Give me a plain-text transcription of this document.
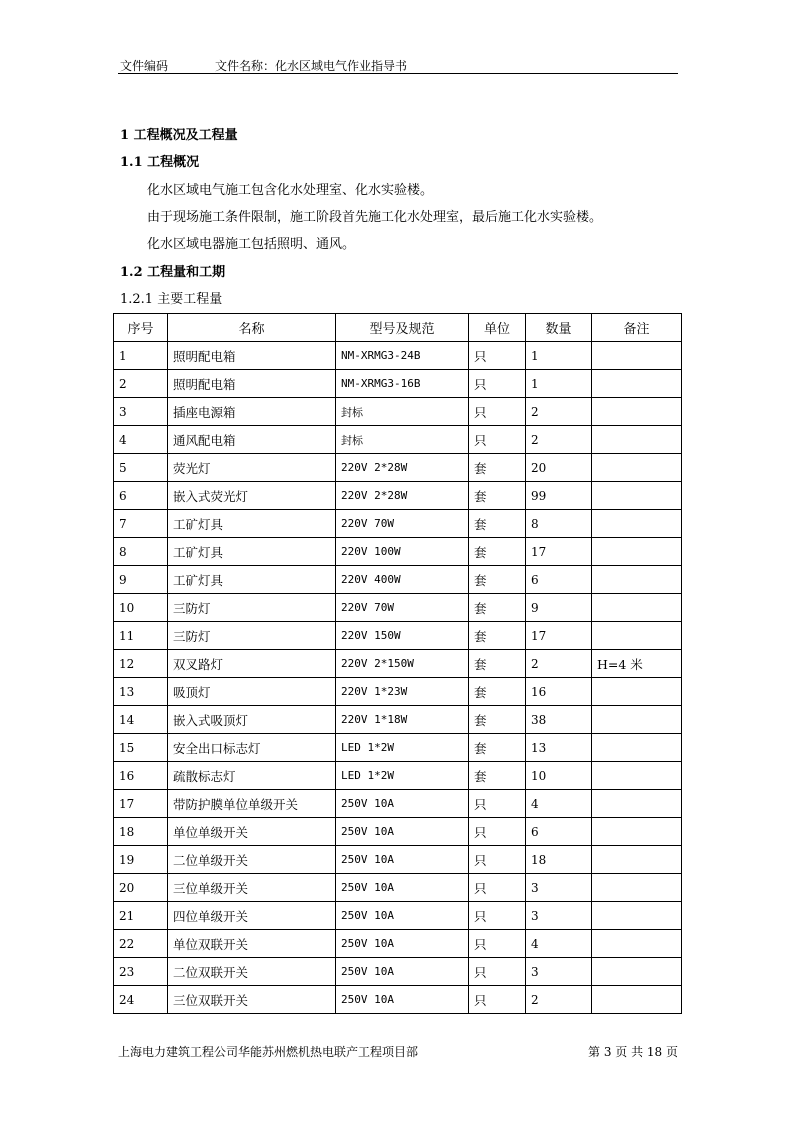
文件编码	文件名称：化水区域电气作业指导书
1 工程概况及工程量
1.1 工程概况
化水区域电气施工包含化水处理室、化水实验楼。
由于现场施工条件限制，施工阶段首先施工化水处理室，最后施工化水实验楼。
化水区域电器施工包括照明、通风。
1.2 工程量和工期
1.2.1 主要工程量
序号	名称	型号及规范	单位	数量	备注
1	照明配电箱	NM-XRMG3-24B	只	1	
2	照明配电箱	NM-XRMG3-16B	只	1	
3	插座电源箱	封标	只	2	
4	通风配电箱	封标	只	2	
5	荧光灯	220V 2*28W	套	20	
6	嵌入式荧光灯	220V 2*28W	套	99	
7	工矿灯具	220V 70W	套	8	
8	工矿灯具	220V 100W	套	17	
9	工矿灯具	220V 400W	套	6	
10	三防灯	220V 70W	套	9	
11	三防灯	220V 150W	套	17	
12	双叉路灯	220V 2*150W	套	2	H=4 米
13	吸顶灯	220V 1*23W	套	16	
14	嵌入式吸顶灯	220V 1*18W	套	38	
15	安全出口标志灯	LED 1*2W	套	13	
16	疏散标志灯	LED 1*2W	套	10	
17	带防护膜单位单级开关	250V 10A	只	4	
18	单位单级开关	250V 10A	只	6	
19	二位单级开关	250V 10A	只	18	
20	三位单级开关	250V 10A	只	3	
21	四位单级开关	250V 10A	只	3	
22	单位双联开关	250V 10A	只	4	
23	二位双联开关	250V 10A	只	3	
24	三位双联开关	250V 10A	只	2	
上海电力建筑工程公司华能苏州燃机热电联产工程项目部	第 3 页 共 18 页
